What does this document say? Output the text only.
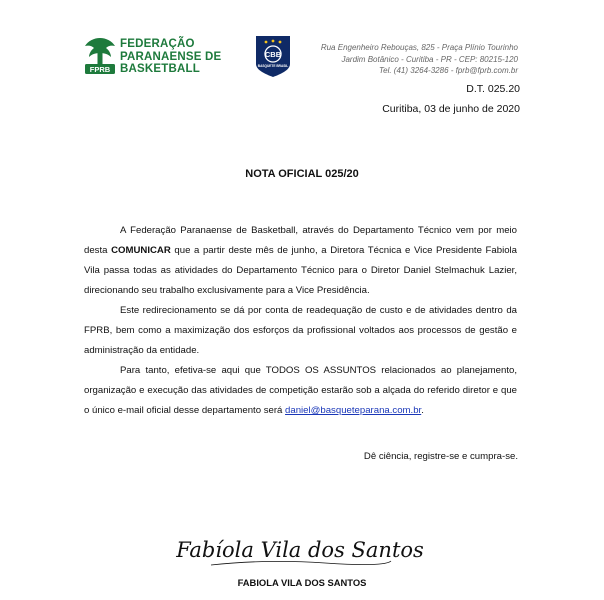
FPRB
FEDERAÇÃO
PARANAENSE DE
BASKETBALL
CBB
BASQUETE BRASIL
Rua Engenheiro Rebouças, 825 - Praça Plínio Tourinho
Jardim Botânico - Curitiba - PR - CEP: 80215-120
Tel. (41) 3264-3286 - fprb@fprb.com.br
D.T. 025.20
Curitiba, 03 de junho de 2020
NOTA OFICIAL 025/20

A Federação Paranaense de Basketball, através do Departamento Técnico vem por meio desta COMUNICAR que a partir deste mês de junho, a Diretora Técnica e Vice Presidente Fabiola Vila passa todas as atividades do Departamento Técnico para o Diretor Daniel Stelmachuk Lazier, direcionando seu trabalho exclusivamente para a Vice Presidência.

Este redirecionamento se dá por conta de readequação de custo e de atividades dentro da FPRB, bem como a maximização dos esforços da profissional voltados aos processos de gestão e administração da entidade.

Para tanto, efetiva-se aqui que TODOS OS ASSUNTOS relacionados ao planejamento, organização e execução das atividades de competição estarão sob a alçada do referido diretor e que o único e-mail oficial desse departamento será daniel@basqueteparana.com.br.

Dê ciência, registre-se e cumpra-se.
Fabíola Vila dos Santos
FABIOLA VILA DOS SANTOS
